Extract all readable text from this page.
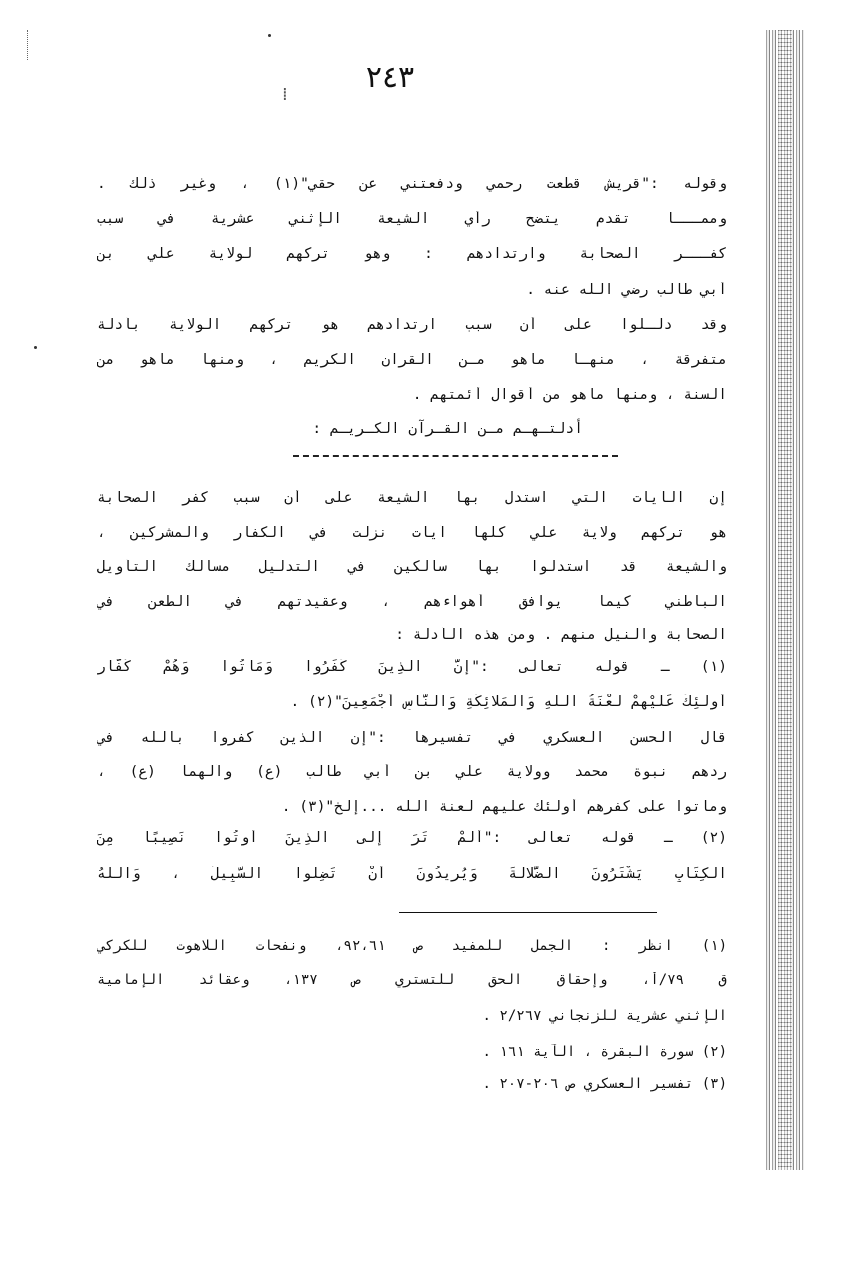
٢٤٣
⁞
وقوله :"قريش قطعت رحمي ودفعتني عن حقي"(١) ، وغير ذلك .
وممـــا تقدم يتضح رأي الشيعة الإثني عشرية في سبب
كفـــر الصحابة وارتدادهم : وهو تركهم لولاية علي بن
أبي طالب رضي الله عنه .
وقد دلـلوا على أن سبب ارتدادهم هو تركهم الولاية بأدلة
متفرقة ، منهـا ماهو مـن القرآن الكريم ، ومنها ماهو من
السنة ، ومنها ماهو من أقوال أئمتهم .
أدلتـهـم مـن القـرآن الكـريـم :
إن الآيات التي استدل بها الشيعة على أن سبب كفر الصحابة
هو تركهم ولاية علي كلّها آيات نزلت في الكفار والمشركين ،
والشيعة قد استدلوا بها سالكين في التدليل مسالك التأويل
الباطني كيما يوافق أهواءهم ، وعقيدتهم في الطعن في
الصحابة والنيل منهم . ومن هذه الأدلة :
(١) ـ قوله تعالى :"إِنَّ الَّذِينَ كَفَرُوا وَمَاتُوا وَهُمْ كُفَّار
أُولَئِكَ عَلَيْهِمْ لَعْنَةُ اللَّهِ وَالْمَلَائِكَةِ وَالنَّاسِ أَجْمَعِينَ"(٢) .
قال الحسن العسكري في تفسيرها :"إن الذين كفروا بالله في
ردهم نبوة محمد وولاية علي بن أبي طالب (ع) وآلهما (ع) ،
وماتوا على كفرهم أولئك عليهم لعنة الله ...إلخ"(٣) .
(٢) ـ قوله تعالى :"أَلَمْ تَرَ إِلَى الَّذِينَ أُوتُوا نَصِيبًا مِنَ
الْكِتَابِ يَشْتَرُونَ الضَّلَالَةَ وَيُرِيدُونَ أَنْ تَضِلُّوا السَّبِيلَ ، وَاللَّهُ
(١) انظر : الجمل للمفيد ص ٩٢،٦١، ونفحات اللاهوت للكركي
ق ٧٩/أ، وإحقاق الحق للتستري ص ١٣٧، وعقائد الإمامية
الإثني عشرية للزنجاني ٢/٢٦٧ .
(٢) سورة البقرة ، الآية ١٦١ .
(٣) تفسير العسكري ص ٢٠٦-٢٠٧ .
